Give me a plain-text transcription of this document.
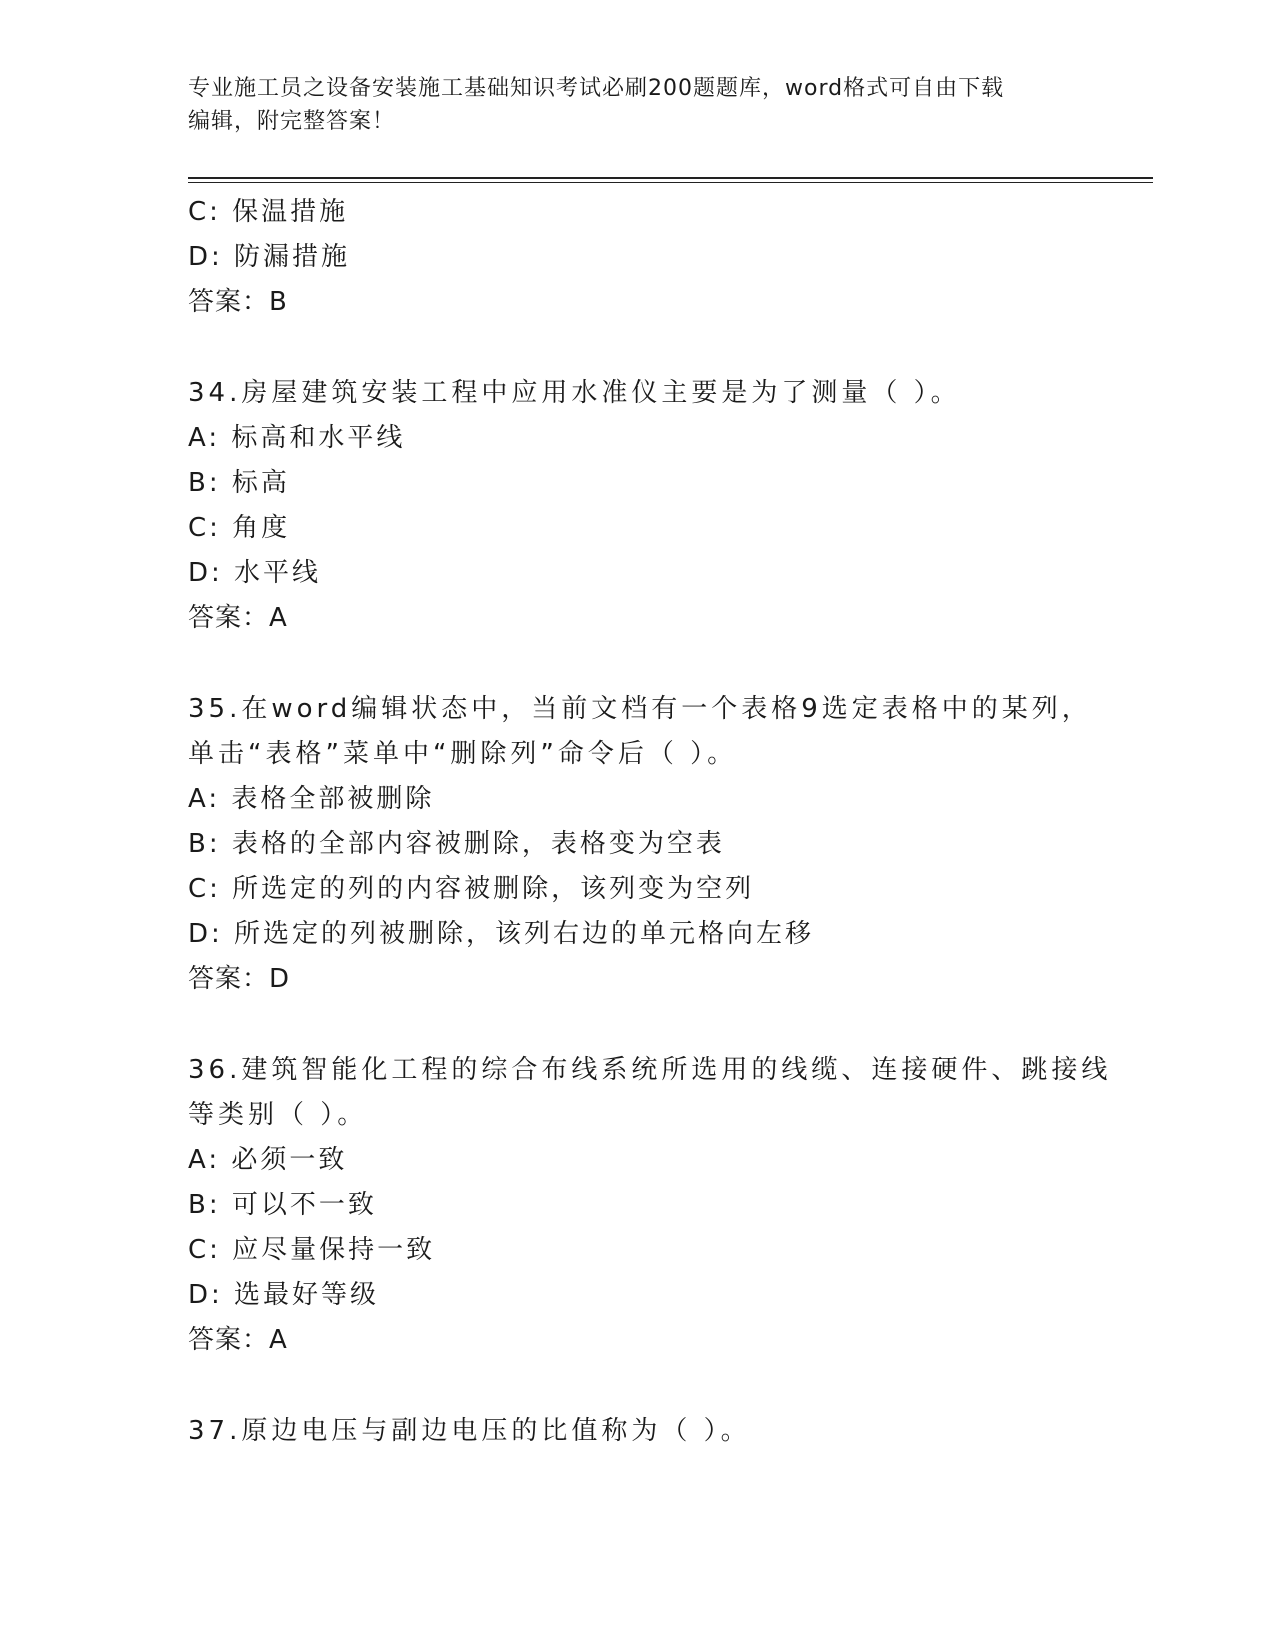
专业施工员之设备安装施工基础知识考试必刷200题题库，word格式可自由下载
编辑，附完整答案！
C: 保温措施
D: 防漏措施
答案：B
34.房屋建筑安装工程中应用水准仪主要是为了测量（ ）。
A: 标高和水平线
B: 标高
C: 角度
D: 水平线
答案：A
35.在word编辑状态中，当前文档有一个表格9选定表格中的某列，
单击“表格”菜单中“删除列”命令后（ ）。
A: 表格全部被删除
B: 表格的全部内容被删除，表格变为空表
C: 所选定的列的内容被删除，该列变为空列
D: 所选定的列被删除，该列右边的单元格向左移
答案：D
36.建筑智能化工程的综合布线系统所选用的线缆、连接硬件、跳接线
等类别（ ）。
A: 必须一致
B: 可以不一致
C: 应尽量保持一致
D: 选最好等级
答案：A
37.原边电压与副边电压的比值称为（ ）。
